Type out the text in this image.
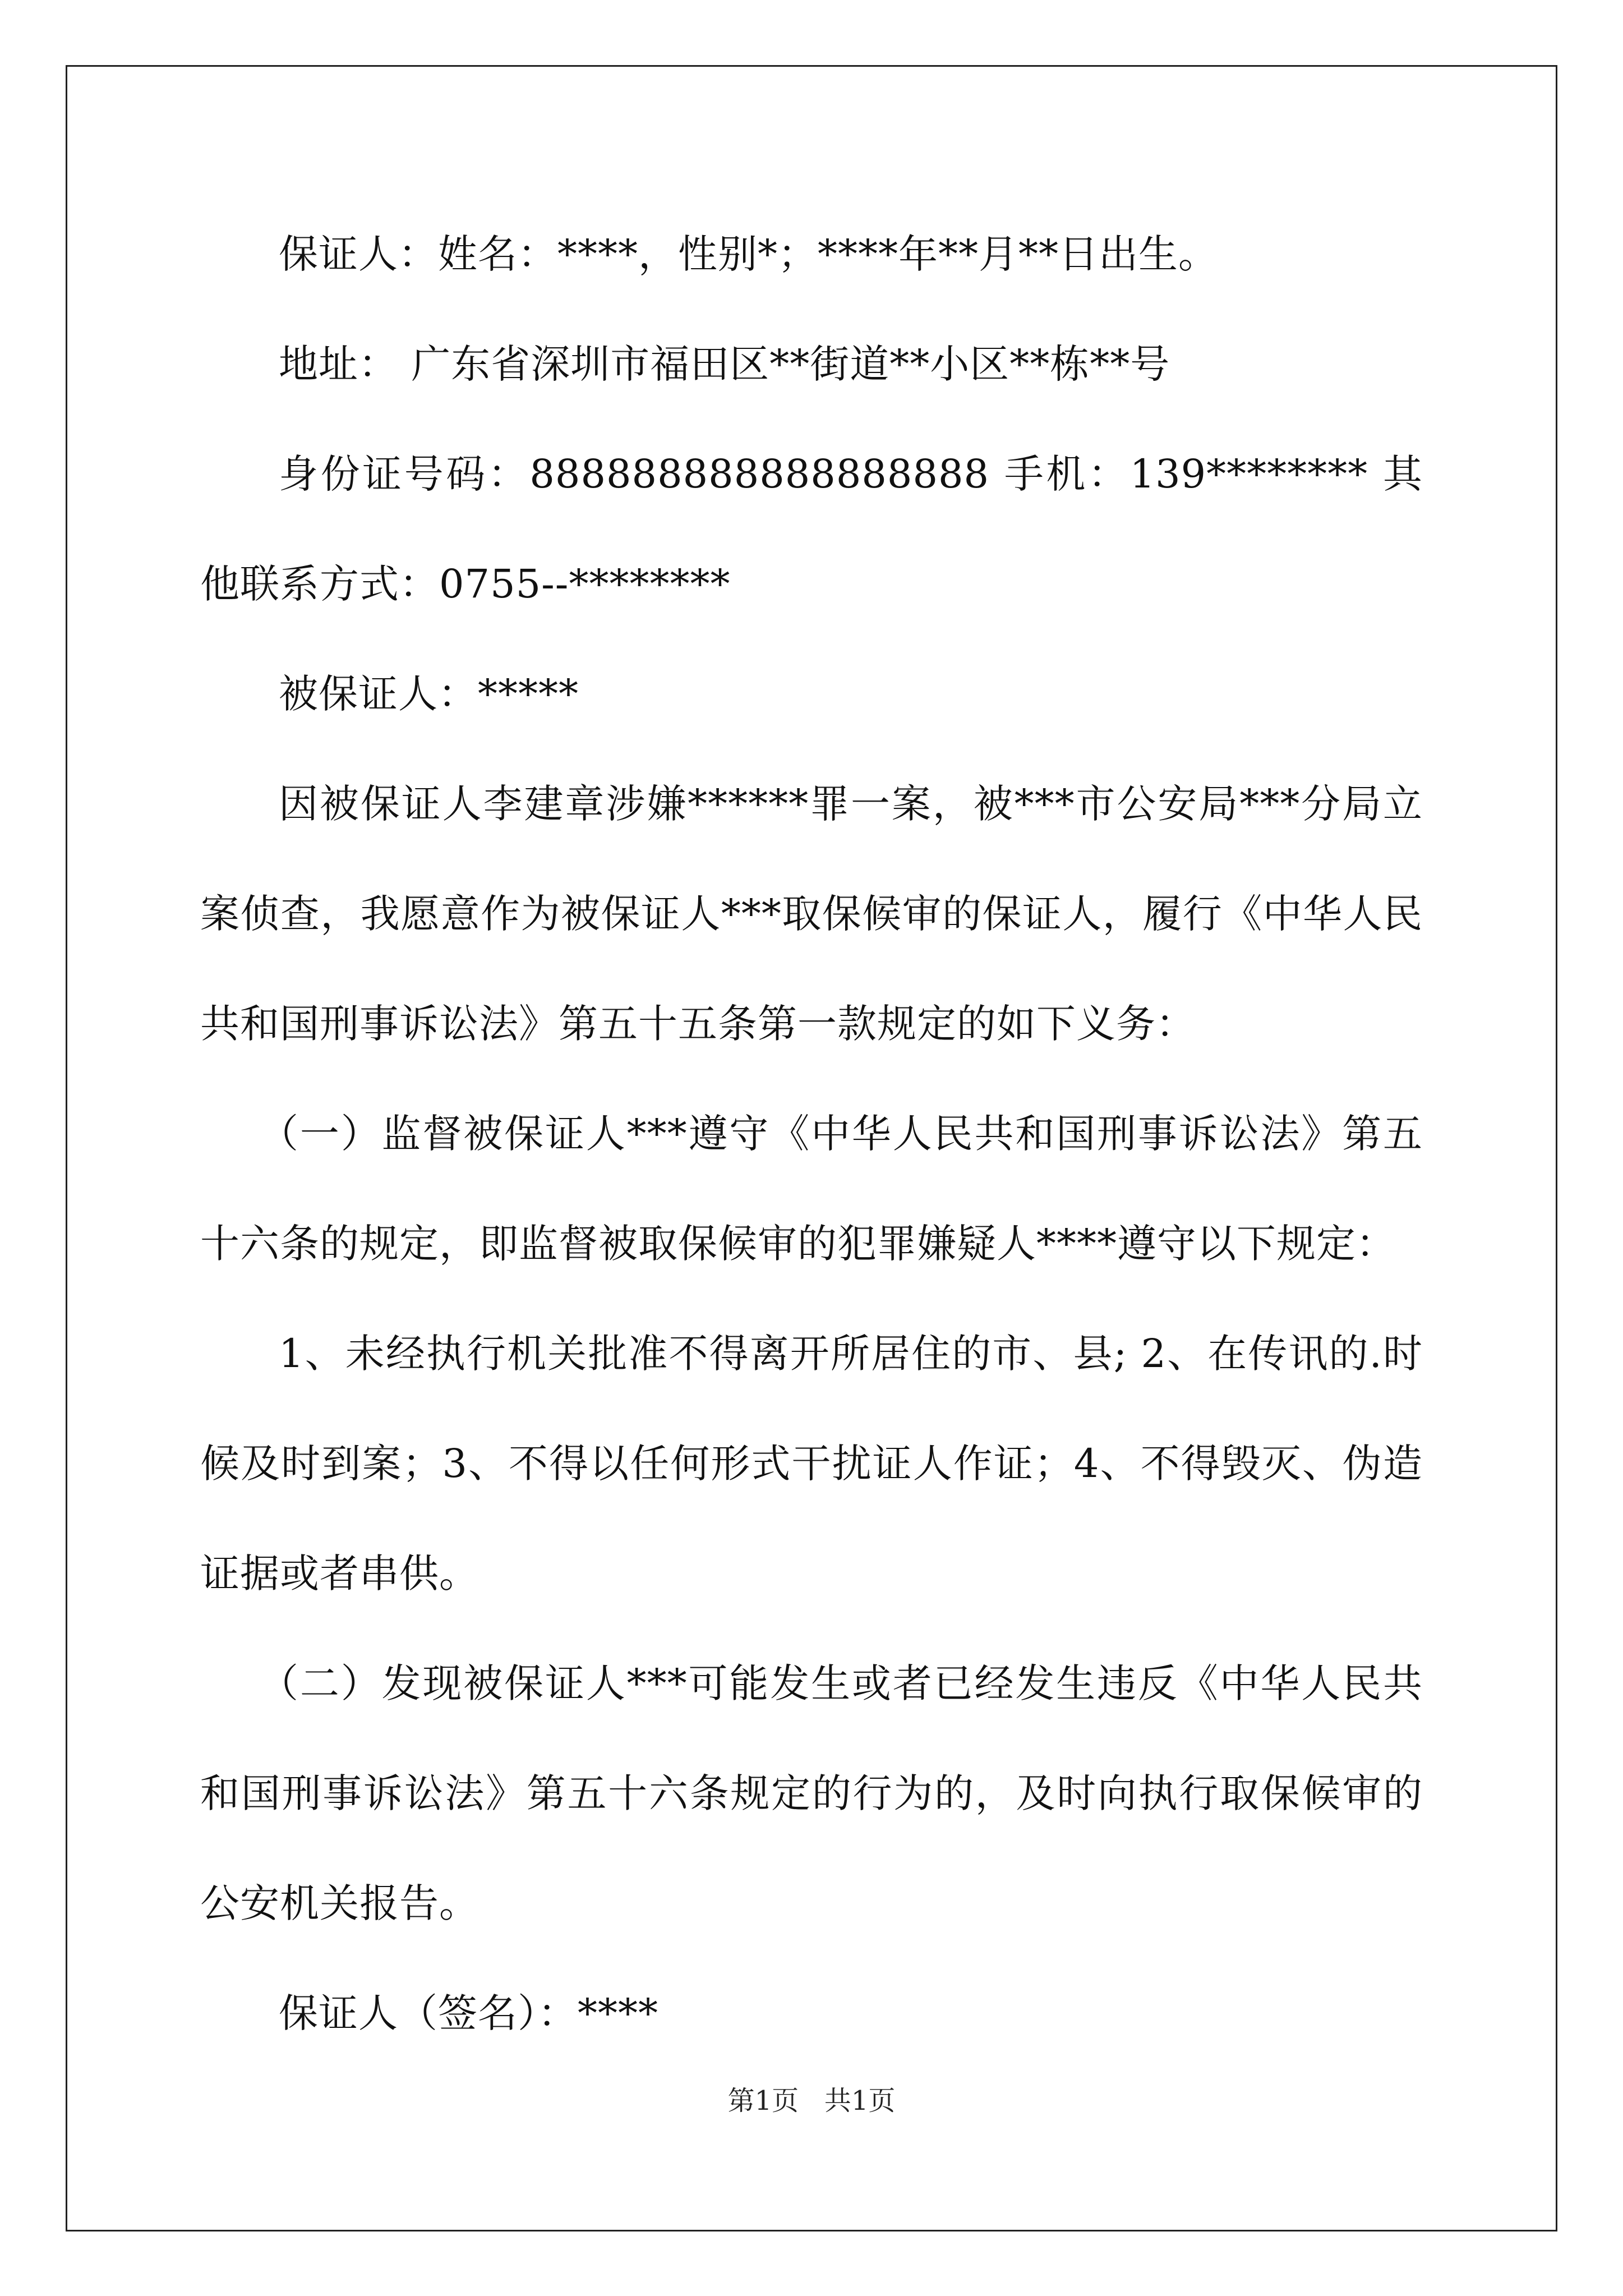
保证人：姓名：****，性别*；****年**月**日出生。

地址： 广东省深圳市福田区**街道**小区**栋**号

身份证号码：888888888888888888 手机：139******** 其他联系方式：0755--********

被保证人：*****

因被保证人李建章涉嫌******罪一案，被***市公安局***分局立案侦查，我愿意作为被保证人***取保候审的保证人，履行《中华人民共和国刑事诉讼法》第五十五条第一款规定的如下义务：

（一）监督被保证人***遵守《中华人民共和国刑事诉讼法》第五十六条的规定，即监督被取保候审的犯罪嫌疑人****遵守以下规定：

1、未经执行机关批准不得离开所居住的市、县; 2、在传讯的.时候及时到案；3、不得以任何形式干扰证人作证；4、不得毁灭、伪造证据或者串供。

（二）发现被保证人***可能发生或者已经发生违反《中华人民共和国刑事诉讼法》第五十六条规定的行为的，及时向执行取保候审的公安机关报告。

保证人（签名）：****

第1页   共1页
